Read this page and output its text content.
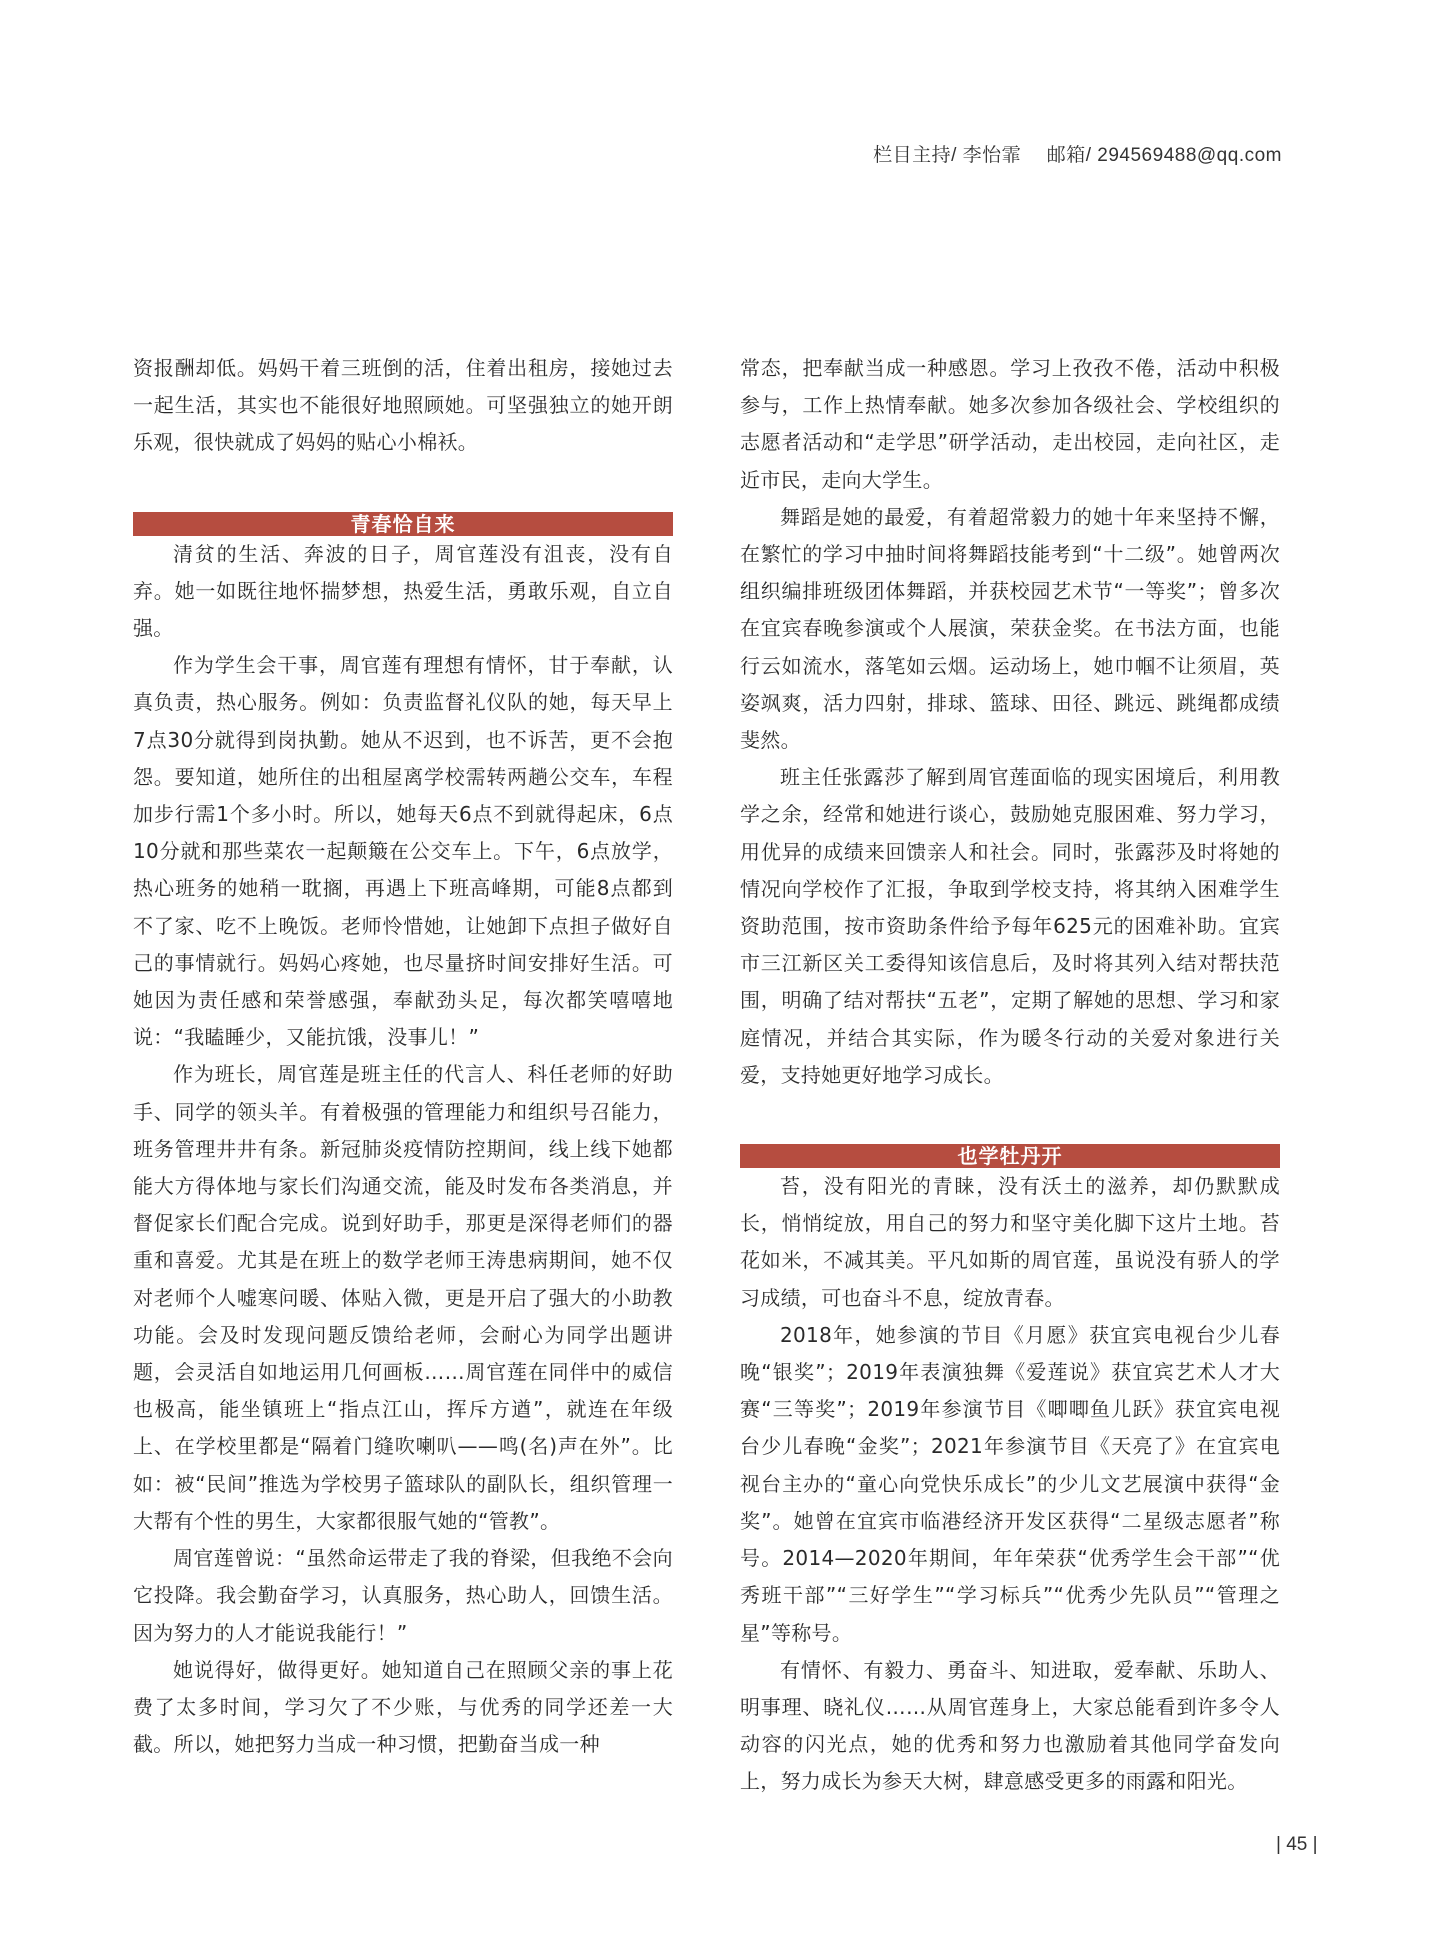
栏目主持/ 李怡霏 邮箱/ 294569488@qq.com

资报酬却低。妈妈干着三班倒的活，住着出租房，接她过去一起生活，其实也不能很好地照顾她。可坚强独立的她开朗乐观，很快就成了妈妈的贴心小棉袄。

青春恰自来

清贫的生活、奔波的日子，周官莲没有沮丧，没有自弃。她一如既往地怀揣梦想，热爱生活，勇敢乐观，自立自强。

作为学生会干事，周官莲有理想有情怀，甘于奉献，认真负责，热心服务。例如：负责监督礼仪队的她，每天早上7点30分就得到岗执勤。她从不迟到，也不诉苦，更不会抱怨。要知道，她所住的出租屋离学校需转两趟公交车，车程加步行需1个多小时。所以，她每天6点不到就得起床，6点10分就和那些菜农一起颠簸在公交车上。下午，6点放学，热心班务的她稍一耽搁，再遇上下班高峰期，可能8点都到不了家、吃不上晚饭。老师怜惜她，让她卸下点担子做好自己的事情就行。妈妈心疼她，也尽量挤时间安排好生活。可她因为责任感和荣誉感强，奉献劲头足，每次都笑嘻嘻地说：“我瞌睡少，又能抗饿，没事儿！”

作为班长，周官莲是班主任的代言人、科任老师的好助手、同学的领头羊。有着极强的管理能力和组织号召能力，班务管理井井有条。新冠肺炎疫情防控期间，线上线下她都能大方得体地与家长们沟通交流，能及时发布各类消息，并督促家长们配合完成。说到好助手，那更是深得老师们的器重和喜爱。尤其是在班上的数学老师王涛患病期间，她不仅对老师个人嘘寒问暖、体贴入微，更是开启了强大的小助教功能。会及时发现问题反馈给老师，会耐心为同学出题讲题，会灵活自如地运用几何画板……周官莲在同伴中的威信也极高，能坐镇班上“指点江山，挥斥方遒”，就连在年级上、在学校里都是“隔着门缝吹喇叭——鸣(名)声在外”。比如：被“民间”推选为学校男子篮球队的副队长，组织管理一大帮有个性的男生，大家都很服气她的“管教”。

周官莲曾说：“虽然命运带走了我的脊梁，但我绝不会向它投降。我会勤奋学习，认真服务，热心助人，回馈生活。因为努力的人才能说我能行！”

她说得好，做得更好。她知道自己在照顾父亲的事上花费了太多时间，学习欠了不少账，与优秀的同学还差一大截。所以，她把努力当成一种习惯，把勤奋当成一种

常态，把奉献当成一种感恩。学习上孜孜不倦，活动中积极参与，工作上热情奉献。她多次参加各级社会、学校组织的志愿者活动和“走学思”研学活动，走出校园，走向社区，走近市民，走向大学生。

舞蹈是她的最爱，有着超常毅力的她十年来坚持不懈，在繁忙的学习中抽时间将舞蹈技能考到“十二级”。她曾两次组织编排班级团体舞蹈，并获校园艺术节“一等奖”；曾多次在宜宾春晚参演或个人展演，荣获金奖。在书法方面，也能行云如流水，落笔如云烟。运动场上，她巾帼不让须眉，英姿飒爽，活力四射，排球、篮球、田径、跳远、跳绳都成绩斐然。

班主任张露莎了解到周官莲面临的现实困境后，利用教学之余，经常和她进行谈心，鼓励她克服困难、努力学习，用优异的成绩来回馈亲人和社会。同时，张露莎及时将她的情况向学校作了汇报，争取到学校支持，将其纳入困难学生资助范围，按市资助条件给予每年625元的困难补助。宜宾市三江新区关工委得知该信息后，及时将其列入结对帮扶范围，明确了结对帮扶“五老”，定期了解她的思想、学习和家庭情况，并结合其实际，作为暖冬行动的关爱对象进行关爱，支持她更好地学习成长。

也学牡丹开

苔，没有阳光的青睐，没有沃土的滋养，却仍默默成长，悄悄绽放，用自己的努力和坚守美化脚下这片土地。苔花如米，不减其美。平凡如斯的周官莲，虽说没有骄人的学习成绩，可也奋斗不息，绽放青春。

2018年，她参演的节目《月愿》获宜宾电视台少儿春晚“银奖”；2019年表演独舞《爱莲说》获宜宾艺术人才大赛“三等奖”；2019年参演节目《唧唧鱼儿跃》获宜宾电视台少儿春晚“金奖”；2021年参演节目《天亮了》在宜宾电视台主办的“童心向党快乐成长”的少儿文艺展演中获得“金奖”。她曾在宜宾市临港经济开发区获得“二星级志愿者”称号。2014—2020年期间，年年荣获“优秀学生会干部”“优秀班干部”“三好学生”“学习标兵”“优秀少先队员”“管理之星”等称号。

有情怀、有毅力、勇奋斗、知进取，爱奉献、乐助人、明事理、晓礼仪……从周官莲身上，大家总能看到许多令人动容的闪光点，她的优秀和努力也激励着其他同学奋发向上，努力成长为参天大树，肆意感受更多的雨露和阳光。

| 45 |
